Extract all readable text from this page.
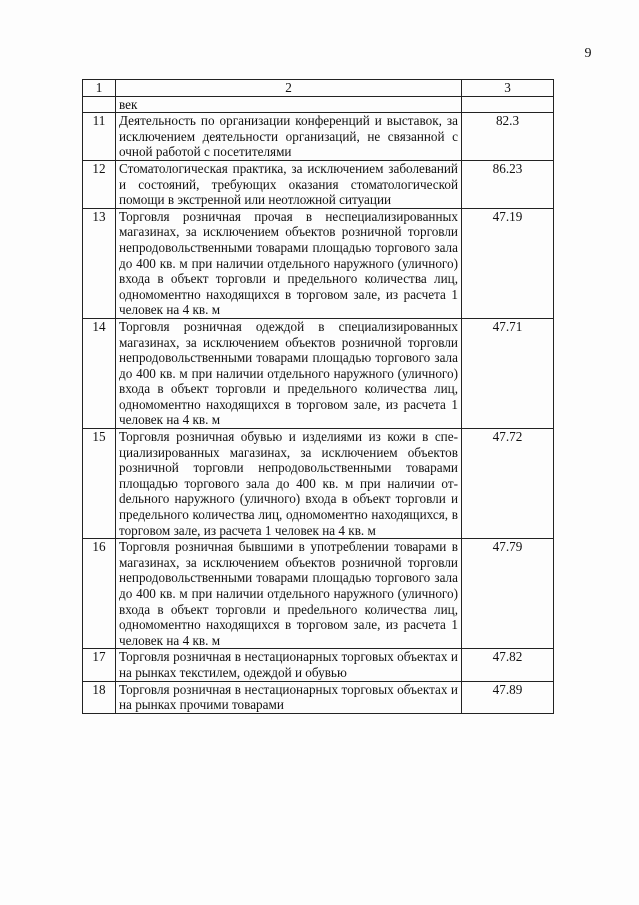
9
1	2	3
	век	
11	Деятельность по организации конференций и выставок, за исключением деятельности организаций, не связанной с очной работой с посетителями	82.3
12	Стоматологическая практика, за исключением заболеваний и состояний, требующих оказания стоматологической помощи в экстренной или неотложной ситуации	86.23
13	Торговля розничная прочая в неспециализированных магазинах, за исключением объектов розничной торговли непродовольственными товарами площадью торгового зала до 400 кв. м при наличии отдельного наружного (уличного) входа в объект торговли и предельного количества лиц, одномоментно находящихся в торговом зале, из расчета 1 человек на 4 кв. м	47.19
14	Торговля розничная одеждой в специализированных магазинах, за исключением объектов розничной торговли непродовольственными товарами площадью торгового зала до 400 кв. м при наличии отдельного наружного (уличного) входа в объект торговли и предельного количества лиц, одномоментно находящихся в торговом зале, из расчета 1 человек на 4 кв. м	47.71
15	Торговля розничная обувью и изделиями из кожи в специализированных магазинах, за исключением объектов розничной торговли непродовольственными товарами площадью торгового зала до 400 кв. м при наличии отdельного наружного (уличного) входа в объект торговли и предельного количества лиц, одномоментно находящихся, в торговом зале, из расчета 1 человек на 4 кв. м	47.72
16	Торговля розничная бывшими в употреблении товарами в магазинах, за исключением объектов розничной торговли непродовольственными товарами площадью торгового зала до 400 кв. м при наличии отдельного наружного (уличного) входа в объект торговли и преdельного количества лиц, одномоментно находящихся в торговом зале, из расчета 1 человек на 4 кв. м	47.79
17	Торговля розничная в нестационарных торговых объектах и на рынках текстилем, одеждой и обувью	47.82
18	Торговля розничная в нестационарных торговых объектах и на рынках прочими товарами	47.89
